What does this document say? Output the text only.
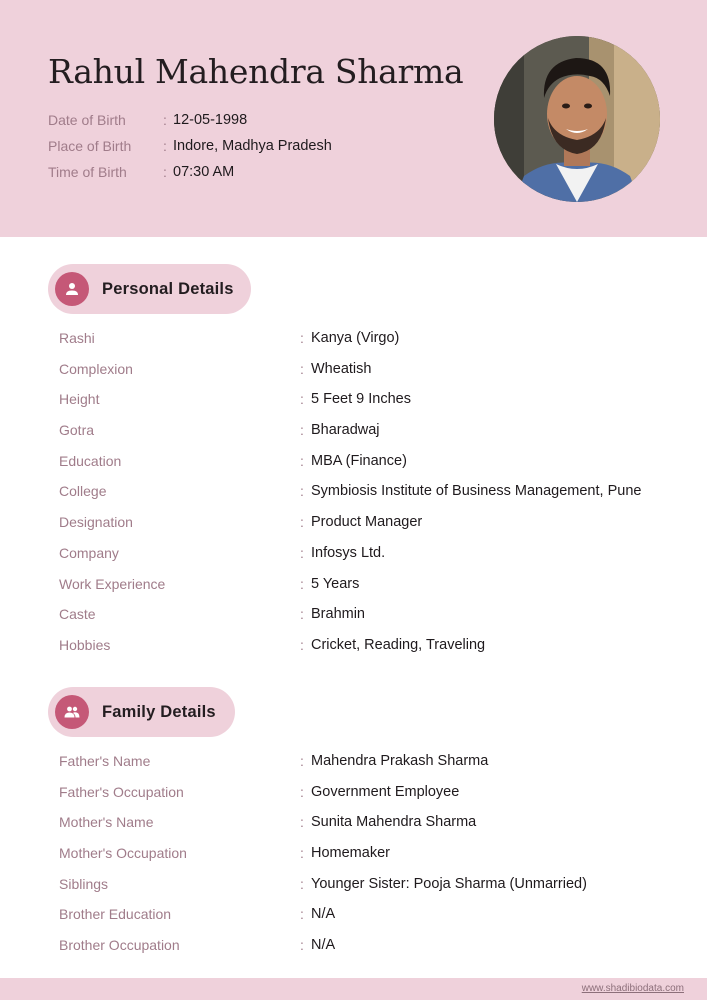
Rahul Mahendra Sharma
Date of Birth	: 12-05-1998
Place of Birth : Indore, Madhya Pradesh
Time of Birth	: 07:30 AM
Personal Details
Rashi	: Kanya (Virgo)
Complexion	: Wheatish
Height	: 5 Feet 9 Inches
Gotra	: Bharadwaj
Education	: MBA (Finance)
College	: Symbiosis Institute of Business Management, Pune
Designation	: Product Manager
Company	: Infosys Ltd.
Work Experience	: 5 Years
Caste	: Brahmin
Hobbies	: Cricket, Reading, Traveling
Family Details
Father's Name	: Mahendra Prakash Sharma
Father's Occupation	: Government Employee
Mother's Name	: Sunita Mahendra Sharma
Mother's Occupation	: Homemaker
Siblings	: Younger Sister: Pooja Sharma (Unmarried)
Brother Education	: N/A
Brother Occupation	: N/A
www.shadibiodata.com
